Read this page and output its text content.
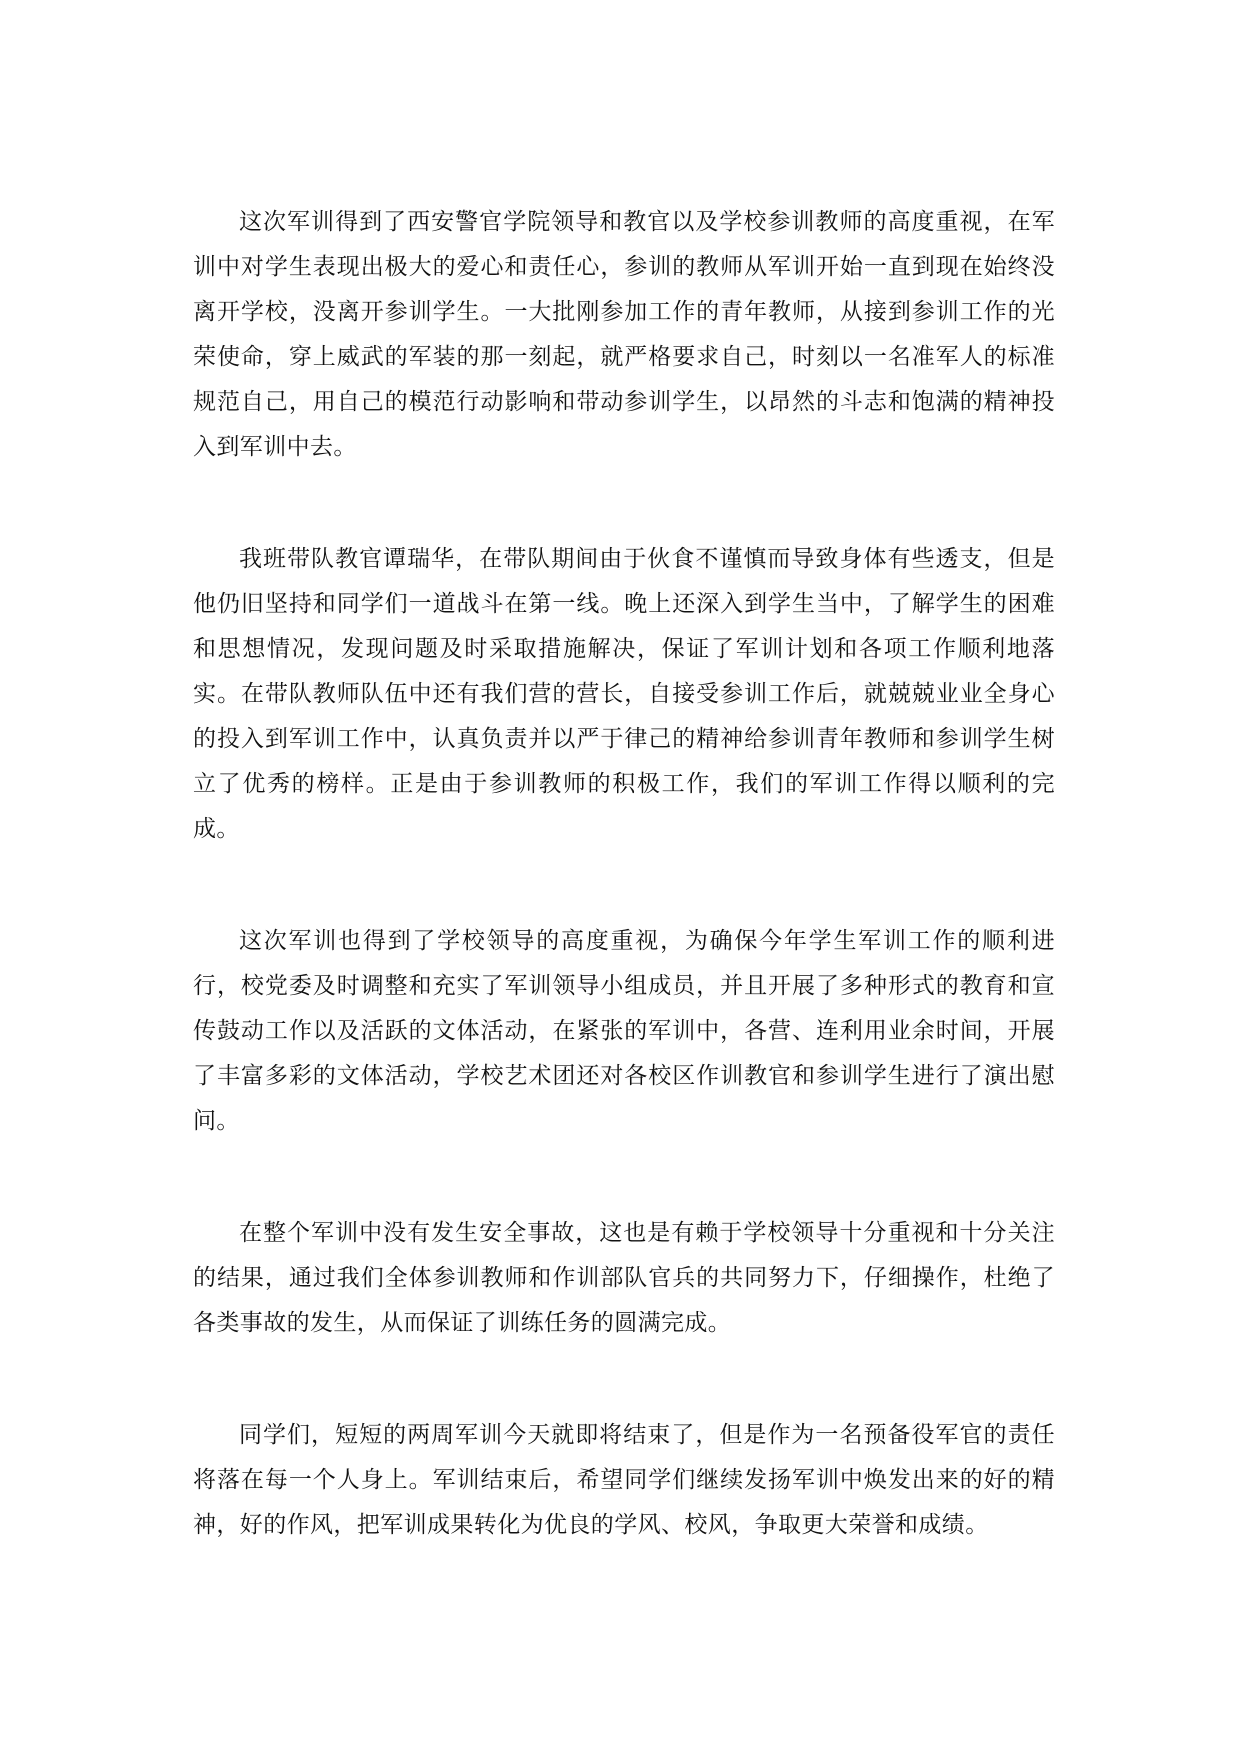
这次军训得到了西安警官学院领导和教官以及学校参训教师的高度重视，在军训中对学生表现出极大的爱心和责任心，参训的教师从军训开始一直到现在始终没离开学校，没离开参训学生。一大批刚参加工作的青年教师，从接到参训工作的光荣使命，穿上威武的军装的那一刻起，就严格要求自己，时刻以一名准军人的标准规范自己，用自己的模范行动影响和带动参训学生，以昂然的斗志和饱满的精神投入到军训中去。

我班带队教官谭瑞华，在带队期间由于伙食不谨慎而导致身体有些透支，但是他仍旧坚持和同学们一道战斗在第一线。晚上还深入到学生当中，了解学生的困难和思想情况，发现问题及时采取措施解决，保证了军训计划和各项工作顺利地落实。在带队教师队伍中还有我们营的营长，自接受参训工作后，就兢兢业业全身心的投入到军训工作中，认真负责并以严于律己的精神给参训青年教师和参训学生树立了优秀的榜样。正是由于参训教师的积极工作，我们的军训工作得以顺利的完成。

这次军训也得到了学校领导的高度重视，为确保今年学生军训工作的顺利进行，校党委及时调整和充实了军训领导小组成员，并且开展了多种形式的教育和宣传鼓动工作以及活跃的文体活动，在紧张的军训中，各营、连利用业余时间，开展了丰富多彩的文体活动，学校艺术团还对各校区作训教官和参训学生进行了演出慰问。

在整个军训中没有发生安全事故，这也是有赖于学校领导十分重视和十分关注的结果，通过我们全体参训教师和作训部队官兵的共同努力下，仔细操作，杜绝了各类事故的发生，从而保证了训练任务的圆满完成。

同学们，短短的两周军训今天就即将结束了，但是作为一名预备役军官的责任将落在每一个人身上。军训结束后，希望同学们继续发扬军训中焕发出来的好的精神，好的作风，把军训成果转化为优良的学风、校风，争取更大荣誉和成绩。
